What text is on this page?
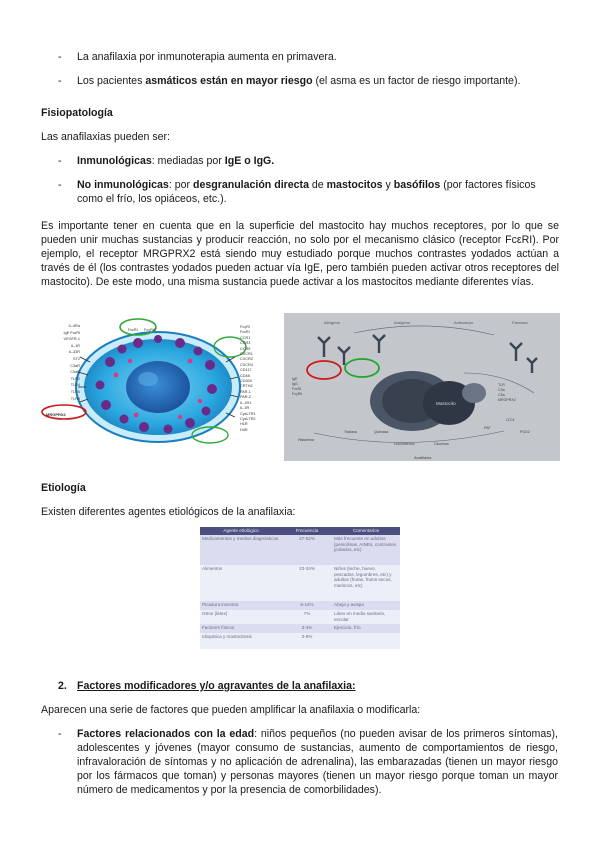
- La anafilaxia por inmunoterapia aumenta en primavera.
- Los pacientes asmáticos están en mayor riesgo (el asma es un factor de riesgo importante).
Fisiopatología
Las anafilaxias pueden ser:
- Inmunológicas: mediadas por IgE o IgG.
- No inmunológicas: por desgranulación directa de mastocitos y basófilos (por factores físicos como el frío, los opiáceos, etc.).
Es importante tener en cuenta que en la superficie del mastocito hay muchos receptores, por lo que se pueden unir muchas sustancias y producir reacción, no solo por el mecanismo clásico (receptor FcεRI). Por ejemplo, el receptor MRGPRX2 está siendo muy estudiado porque muchos contrastes yodados actúan a través de él (los contrastes yodados pueden actuar vía IgE, pero también pueden activar otros receptores del mastocito). De este modo, una misma sustancia puede activar a los mastocitos mediante diferentes vías.
IL-4Rα
IgE FcεRI
VEGFR-1
IL-1R
IL-33R
ST2
C3aR
C5aR
TLR2
TLR4
TLR5
TLR9
MRGPRX2
FcεRI FcγRIII
FcγRI
FcεRI
CCR1
CCR3
CCR5
CXCR1
CXCR2
CXCR4
CD117
CD48
CD300
CRTH2
PAR-1
PAR-2
IL-1R1
IL-3R
CysLTR1
CysLTR2
H1R
H4R
Alérgeno	Antígeno	Anticuerpo	Fármaco
Mastocito
IgE
IgG
FcεRI
FcγRII
TLR
C3a
C5a
MRGPRX2
Histamina
Triptasa	Quimasa
PAF
LTC4
PGD2
Leucotrienos	Citocinas
Anafilaxia
Etiología
Existen diferentes agentes etiológicos de la anafilaxia:
Agente etiológico	Frecuencia	Comentarios
Medicamentos y medios diagnósticos	47-52%	Más frecuente en adultos (penicilinas, AINEs, contrastes yodados, etc)
Alimentos	23-34%	Niños (leche, huevo, pescados, legumbres, etc) y adultos (frutas, frutos secos, mariscos, etc)
Picadura insectos	6-14%	Abeja y avispa
Otros (látex)	7%	Látex en medio sanitario, escolar
Factores físicos	3-4%	Ejercicio, frío
Idiopática y mastocitosis	3-5%	
2. Factores modificadores y/o agravantes de la anafilaxia:
Aparecen una serie de factores que pueden amplificar la anafilaxia o modificarla:
- Factores relacionados con la edad: niños pequeños (no pueden avisar de los primeros síntomas), adolescentes y jóvenes (mayor consumo de sustancias, aumento de comportamientos de riesgo, infravaloración de síntomas y no aplicación de adrenalina), las embarazadas (tienen un mayor riesgo por los fármacos que toman) y personas mayores (tienen un mayor riesgo porque toman un mayor número de medicamentos y por la presencia de comorbilidades).
